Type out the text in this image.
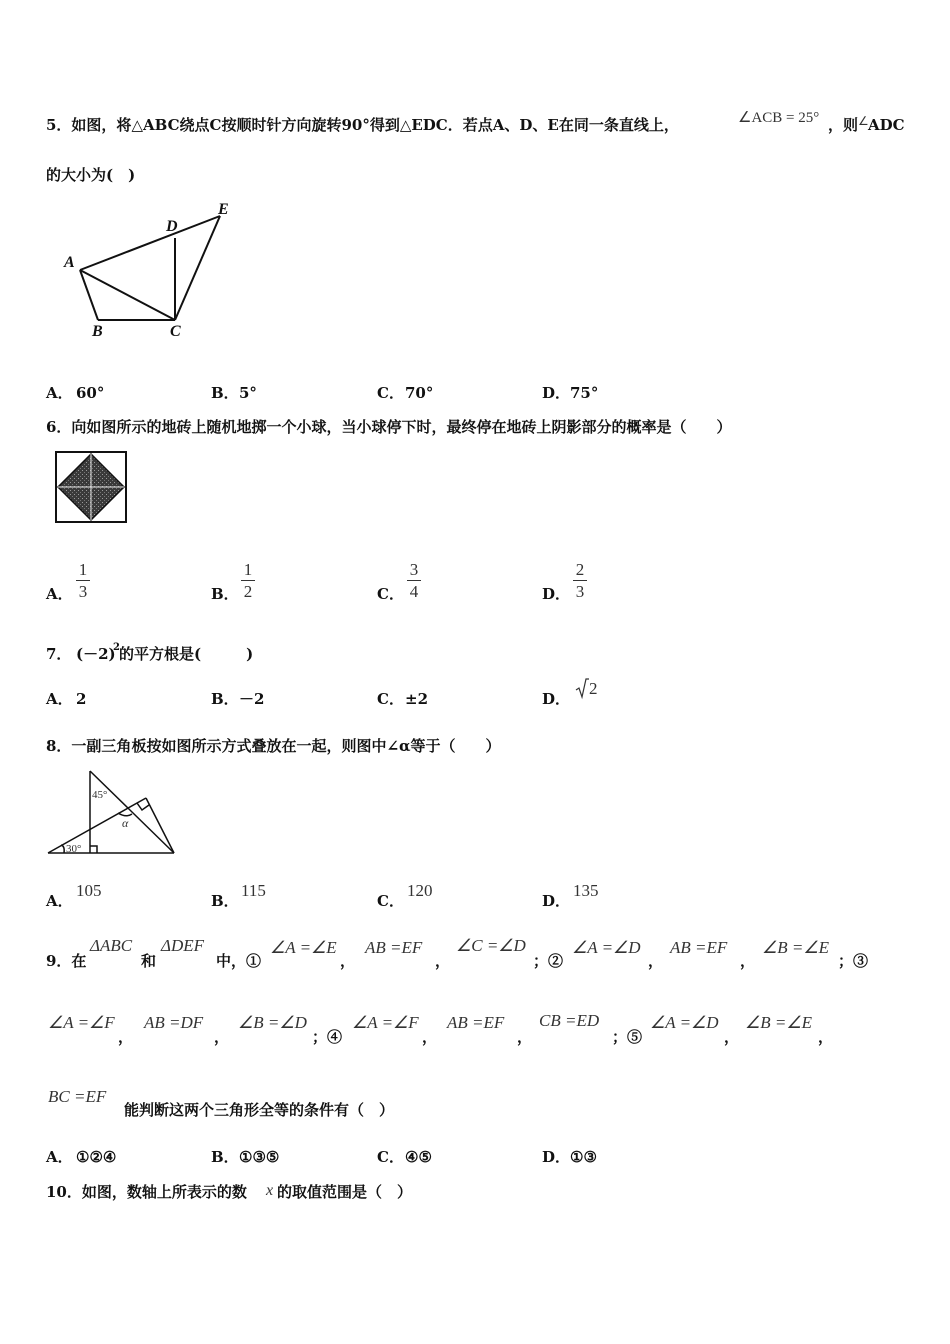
5．如图，将△ABC绕点C按顺时针方向旋转90°得到△EDC．若点A、D、E在同一条直线上，	∠ACB = 25° ，则 ∠ ADC
的大小为(　)
A
B	C
D
E
A． 60°	B． 5°	C． 70°	D． 75°
6．向如图所示的地砖上随机地掷一个小球，当小球停下时，最终停在地砖上阴影部分的概率是（　　）
A． $\frac{1}{3}$	B． $\frac{1}{2}$	C． $\frac{3}{4}$	D． $\frac{2}{3}$
7． (－2)
2 的平方根是(　　　)
A． 2	B． －2	C． ±2	D．
2
8．一副三角板按如图所示方式叠放在一起，则图中∠α等于（　　）
45°
α
30°
A．
105
B．
115
C．
120
D．
135
9．在
ΔABC
和
ΔDEF
中，①
∠A =∠E
，
AB =EF
，
∠C =∠D
；②
∠A =∠D
，
AB =EF
，
∠B =∠E
；③
∠A =∠F
，
AB =DF
，
∠B =∠D
；④
∠A =∠F
，
AB =EF
，
CB =ED
；⑤
∠A =∠D
，
∠B =∠E
，
BC =EF
能判断这两个三角形全等的条件有（　）
A． ①②④	B． ①③⑤	C． ④⑤	D． ①③
10．如图，数轴上所表示的数 x 的取值范围是（　）
